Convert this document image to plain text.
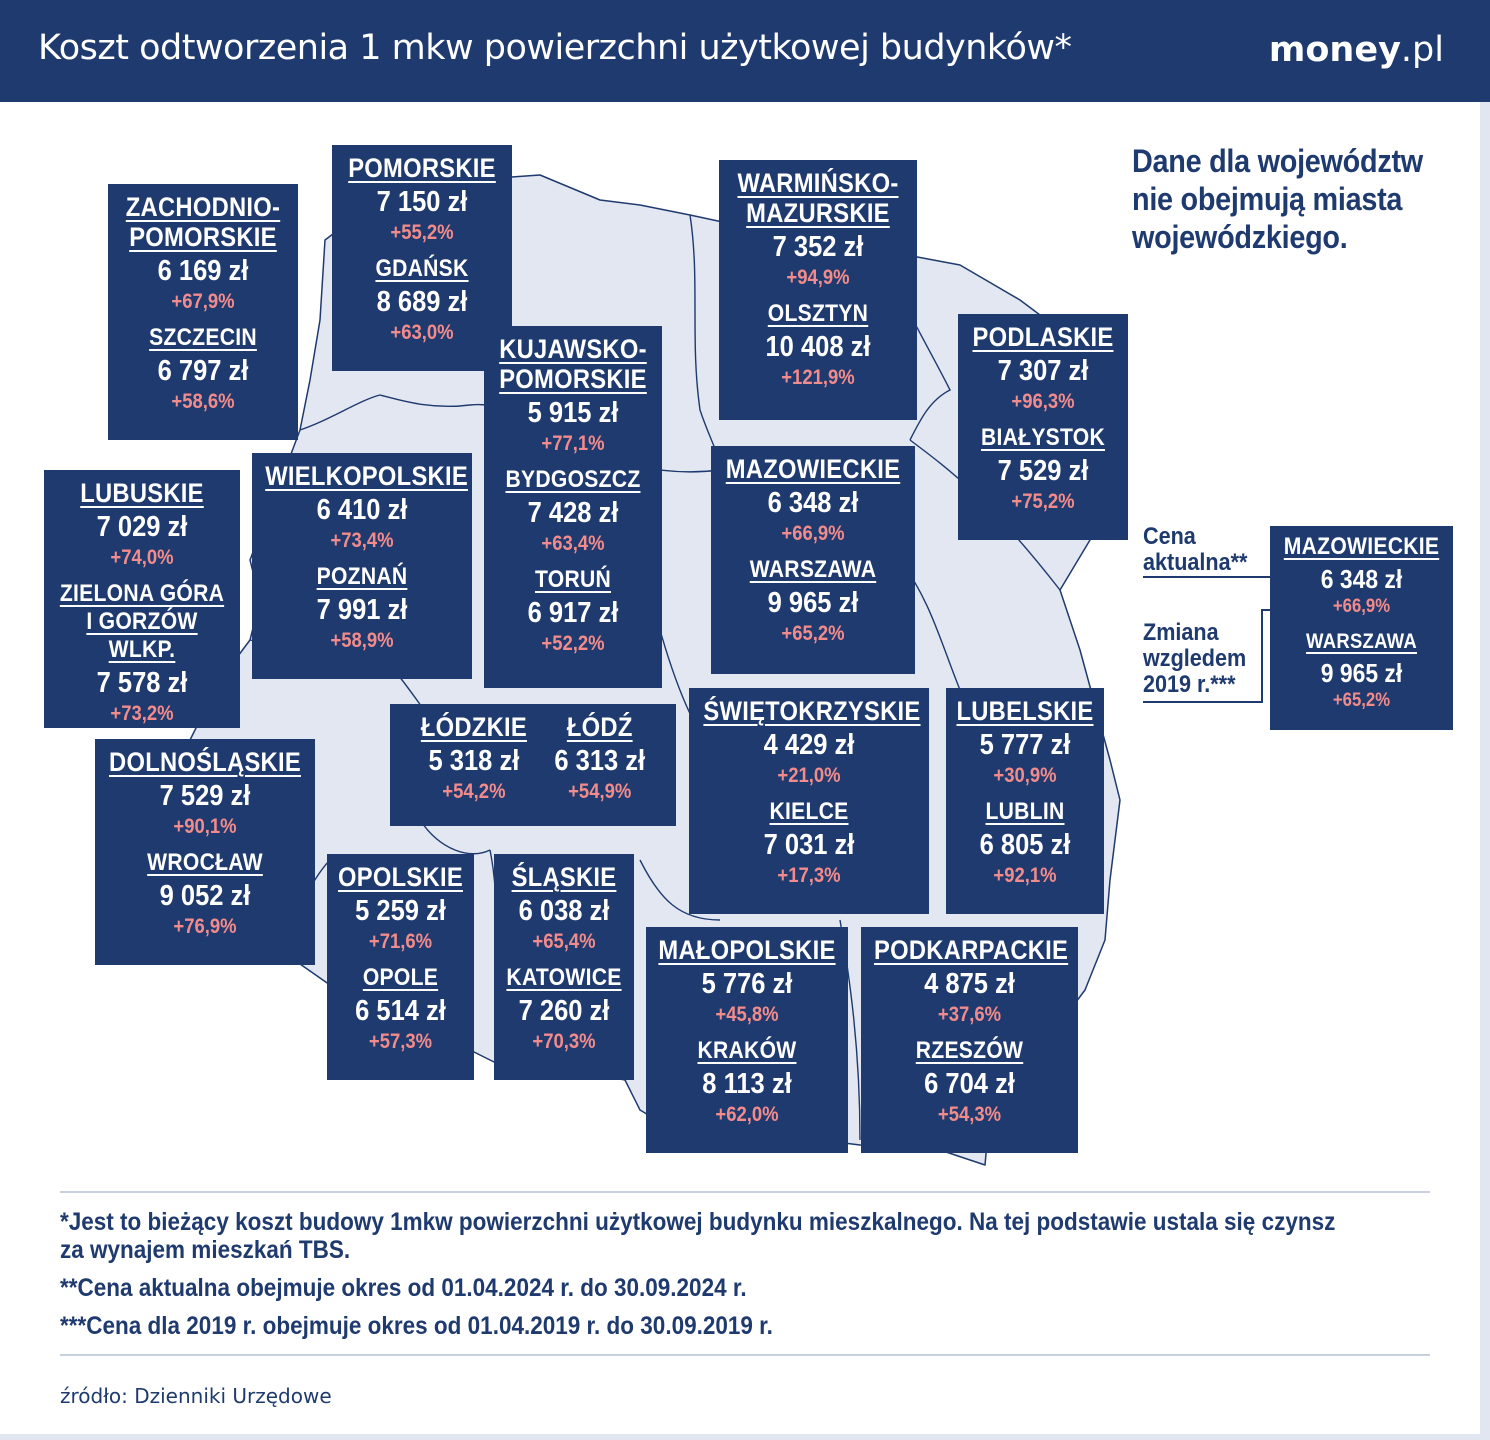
Koszt odtworzenia 1 mkw powierzchni użytkowej budynków*	money.pl
Dane dla województw nie obejmują miasta wojewódzkiego.
ZACHODNIO-
POMORSKIE
6 169 zł
+67,9%
SZCZECIN
6 797 zł
+58,6%
POMORSKIE
7 150 zł
+55,2%
GDAŃSK
8 689 zł
+63,0%
WARMIŃSKO-
MAZURSKIE
7 352 zł
+94,9%
OLSZTYN
10 408 zł
+121,9%
PODLASKIE
7 307 zł
+96,3%
BIAŁYSTOK
7 529 zł
+75,2%
KUJAWSKO-
POMORSKIE
5 915 zł
+77,1%
BYDGOSZCZ
7 428 zł
+63,4%
TORUŃ
6 917 zł
+52,2%
LUBUSKIE
7 029 zł
+74,0%
ZIELONA GÓRA
I GORZÓW WLKP.
7 578 zł
+73,2%
WIELKOPOLSKIE
6 410 zł
+73,4%
POZNAŃ
7 991 zł
+58,9%
MAZOWIECKIE
6 348 zł
+66,9%
WARSZAWA
9 965 zł
+65,2%
ŁÓDZKIE
5 318 zł
+54,2%
ŁÓDŹ
6 313 zł
+54,9%
ŚWIĘTOKRZYSKIE
4 429 zł
+21,0%
KIELCE
7 031 zł
+17,3%
LUBELSKIE
5 777 zł
+30,9%
LUBLIN
6 805 zł
+92,1%
DOLNOŚLĄSKIE
7 529 zł
+90,1%
WROCŁAW
9 052 zł
+76,9%
OPOLSKIE
5 259 zł
+71,6%
OPOLE
6 514 zł
+57,3%
ŚLĄSKIE
6 038 zł
+65,4%
KATOWICE
7 260 zł
+70,3%
MAŁOPOLSKIE
5 776 zł
+45,8%
KRAKÓW
8 113 zł
+62,0%
PODKARPACKIE
4 875 zł
+37,6%
RZESZÓW
6 704 zł
+54,3%
Cena
aktualna**
Zmiana
wzgledem
2019 r.***
MAZOWIECKIE
6 348 zł
+66,9%
WARSZAWA
9 965 zł
+65,2%

*Jest to bieżący koszt budowy 1mkw powierzchni użytkowej budynku mieszkalnego. Na tej podstawie ustala się czynsz
za wynajem mieszkań TBS.

**Cena aktualna obejmuje okres od 01.04.2024 r. do 30.09.2024 r.

***Cena dla 2019 r. obejmuje okres od 01.04.2019 r. do 30.09.2019 r.

źródło: Dzienniki Urzędowe
